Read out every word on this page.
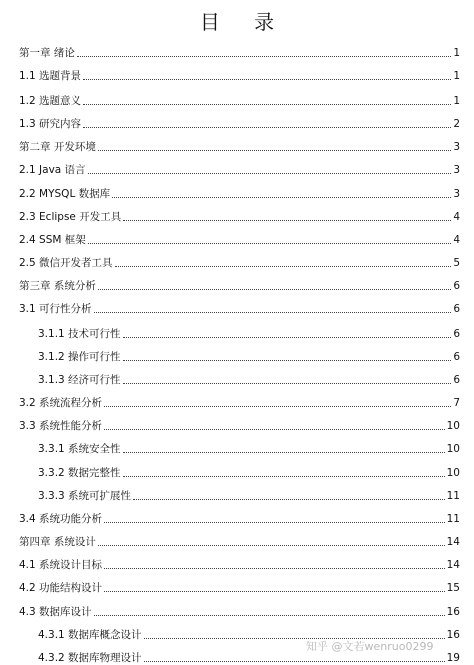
目 录
第一章 绪论	1
1.1 选题背景	1
1.2 选题意义	1
1.3 研究内容	2
第二章 开发环境	3
2.1 Java 语言	3
2.2 MYSQL 数据库	3
2.3 Eclipse 开发工具	4
2.4 SSM 框架	4
2.5 微信开发者工具	5
第三章 系统分析	6
3.1 可行性分析	6
3.1.1 技术可行性	6
3.1.2 操作可行性	6
3.1.3 经济可行性	6
3.2 系统流程分析	7
3.3 系统性能分析	10
3.3.1 系统安全性	10
3.3.2 数据完整性	10
3.3.3 系统可扩展性	11
3.4 系统功能分析	11
第四章 系统设计	14
4.1 系统设计目标	14
4.2 功能结构设计	15
4.3 数据库设计	16
4.3.1 数据库概念设计	16
4.3.2 数据库物理设计	19
知乎 @文若wenruo0299
